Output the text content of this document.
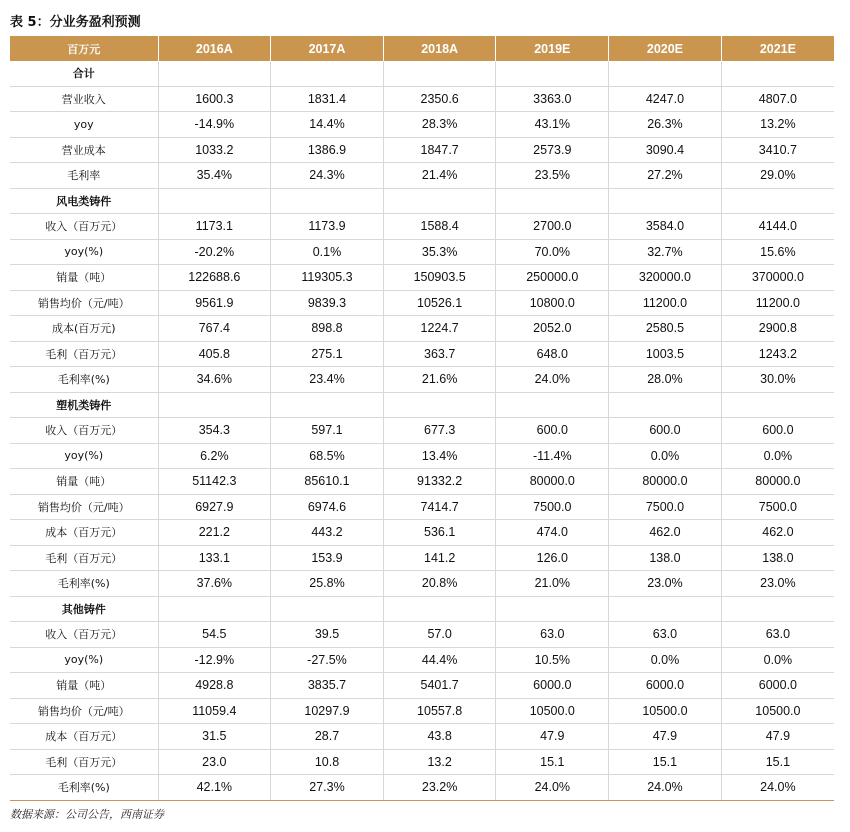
表 5：分业务盈利预测
百万元	2016A	2017A	2018A	2019E	2020E	2021E
合计						
营业收入	1600.3	1831.4	2350.6	3363.0	4247.0	4807.0
yoy	-14.9%	14.4%	28.3%	43.1%	26.3%	13.2%
营业成本	1033.2	1386.9	1847.7	2573.9	3090.4	3410.7
毛利率	35.4%	24.3%	21.4%	23.5%	27.2%	29.0%
风电类铸件						
收入（百万元）	1173.1	1173.9	1588.4	2700.0	3584.0	4144.0
yoy(%)	-20.2%	0.1%	35.3%	70.0%	32.7%	15.6%
销量（吨）	122688.6	119305.3	150903.5	250000.0	320000.0	370000.0
销售均价（元/吨）	9561.9	9839.3	10526.1	10800.0	11200.0	11200.0
成本(百万元)	767.4	898.8	1224.7	2052.0	2580.5	2900.8
毛利（百万元）	405.8	275.1	363.7	648.0	1003.5	1243.2
毛利率(%)	34.6%	23.4%	21.6%	24.0%	28.0%	30.0%
塑机类铸件						
收入（百万元）	354.3	597.1	677.3	600.0	600.0	600.0
yoy(%)	6.2%	68.5%	13.4%	-11.4%	0.0%	0.0%
销量（吨）	51142.3	85610.1	91332.2	80000.0	80000.0	80000.0
销售均价（元/吨）	6927.9	6974.6	7414.7	7500.0	7500.0	7500.0
成本（百万元）	221.2	443.2	536.1	474.0	462.0	462.0
毛利（百万元）	133.1	153.9	141.2	126.0	138.0	138.0
毛利率(%)	37.6%	25.8%	20.8%	21.0%	23.0%	23.0%
其他铸件						
收入（百万元）	54.5	39.5	57.0	63.0	63.0	63.0
yoy(%)	-12.9%	-27.5%	44.4%	10.5%	0.0%	0.0%
销量（吨）	4928.8	3835.7	5401.7	6000.0	6000.0	6000.0
销售均价（元/吨）	11059.4	10297.9	10557.8	10500.0	10500.0	10500.0
成本（百万元）	31.5	28.7	43.8	47.9	47.9	47.9
毛利（百万元）	23.0	10.8	13.2	15.1	15.1	15.1
毛利率(%)	42.1%	27.3%	23.2%	24.0%	24.0%	24.0%
数据来源：公司公告，西南证券
